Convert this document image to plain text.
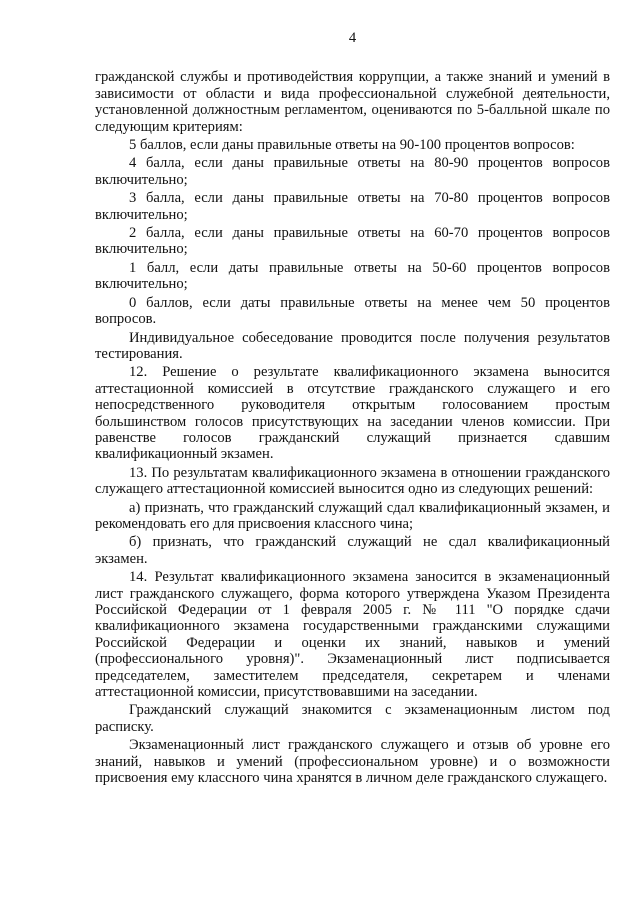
4

гражданской службы и противодействия коррупции, а также знаний и умений в зависимости от области и вида профессиональной служебной деятельности, установленной должностным регламентом, оцениваются по 5-балльной шкале по следующим критериям:

5 баллов, если даны правильные ответы на 90-100 процентов вопросов:

4 балла, если даны правильные ответы на 80-90 процентов вопросов включительно;

3 балла, если даны правильные ответы на 70-80 процентов вопросов включительно;

2 балла, если даны правильные ответы на 60-70 процентов вопросов включительно;

1 балл, если даты правильные ответы на 50-60 процентов вопросов включительно;

0 баллов, если даты правильные ответы на менее чем 50 процентов вопросов.

Индивидуальное собеседование проводится после получения результатов тестирования.

12. Решение о результате квалификационного экзамена выносится аттестационной комиссией в отсутствие гражданского служащего и его непосредственного руководителя открытым голосованием простым большинством голосов присутствующих на заседании членов комиссии. При равенстве голосов гражданский служащий признается сдавшим квалификационный экзамен.

13. По результатам квалификационного экзамена в отношении гражданского служащего аттестационной комиссией выносится одно из следующих решений:

а) признать, что гражданский служащий сдал квалификационный экзамен, и рекомендовать его для присвоения классного чина;

б) признать, что гражданский служащий не сдал квалификационный экзамен.

14. Результат квалификационного экзамена заносится в экзаменационный лист гражданского служащего, форма которого утверждена Указом Президента Российской Федерации от 1 февраля 2005 г. № 111 "О порядке сдачи квалификационного экзамена государственными гражданскими служащими Российской Федерации и оценки их знаний, навыков и умений (профессионального уровня)". Экзаменационный лист подписывается председателем, заместителем председателя, секретарем и членами аттестационной комиссии, присутствовавшими на заседании.

Гражданский служащий знакомится с экзаменационным листом под расписку.

Экзаменационный лист гражданского служащего и отзыв об уровне его знаний, навыков и умений (профессиональном уровне) и о возможности присвоения ему классного чина хранятся в личном деле гражданского служащего.
